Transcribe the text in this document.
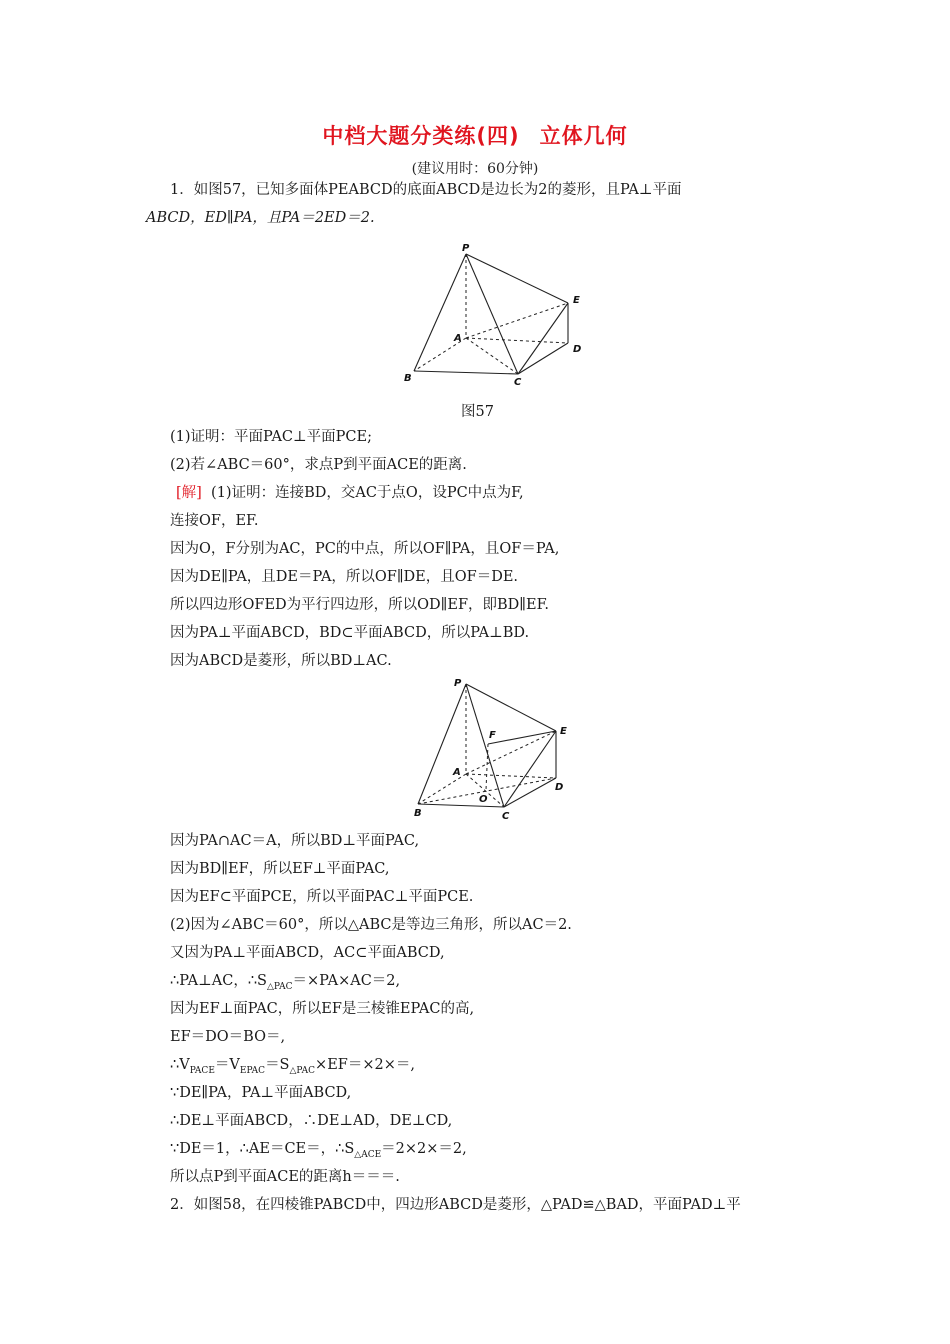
中档大题分类练(四) 立体几何
(建议用时：60分钟)
1．如图57，已知多面体PEABCD的底面ABCD是边长为2的菱形，且PA⊥平面
ABCD，ED∥PA，且PA＝2ED＝2.
P
A
B	C
D
E
图57
(1)证明：平面PAC⊥平面PCE;
(2)若∠ABC＝60°，求点P到平面ACE的距离.
[解] (1)证明：连接BD，交AC于点O，设PC中点为F,
连接OF，EF.
因为O，F分别为AC，PC的中点，所以OF∥PA，且OF＝PA,
因为DE∥PA，且DE＝PA，所以OF∥DE，且OF＝DE.
所以四边形OFED为平行四边形，所以OD∥EF，即BD∥EF.
因为PA⊥平面ABCD，BD⊂平面ABCD，所以PA⊥BD.
因为ABCD是菱形，所以BD⊥AC.
P
A
B	C
D
E
F
O
因为PA∩AC＝A，所以BD⊥平面PAC,
因为BD∥EF，所以EF⊥平面PAC,
因为EF⊂平面PCE，所以平面PAC⊥平面PCE.
(2)因为∠ABC＝60°，所以△ABC是等边三角形，所以AC＝2.
又因为PA⊥平面ABCD，AC⊂平面ABCD,
∴PA⊥AC，$\therefore S_{\triangle PAC}=\times PA\times AC=2$,
因为EF⊥面PAC，所以EF是三棱锥EPAC的高,
EF＝DO＝BO＝,
$\therefore V_{PACE}=V_{EPAC}=S_{\triangle PAC}\times EF=\times 2\times=$,
∵DE∥PA，PA⊥平面ABCD,
∴DE⊥平面ABCD，∴DE⊥AD，DE⊥CD,
∵DE＝1，∴AE＝CE＝，$\therefore S_{\triangle ACE}=2\times 2\times=2$,
所以点P到平面ACE的距离h＝＝＝.
2．如图58，在四棱锥PABCD中，四边形ABCD是菱形，△PAD≌△BAD，平面PAD⊥平
